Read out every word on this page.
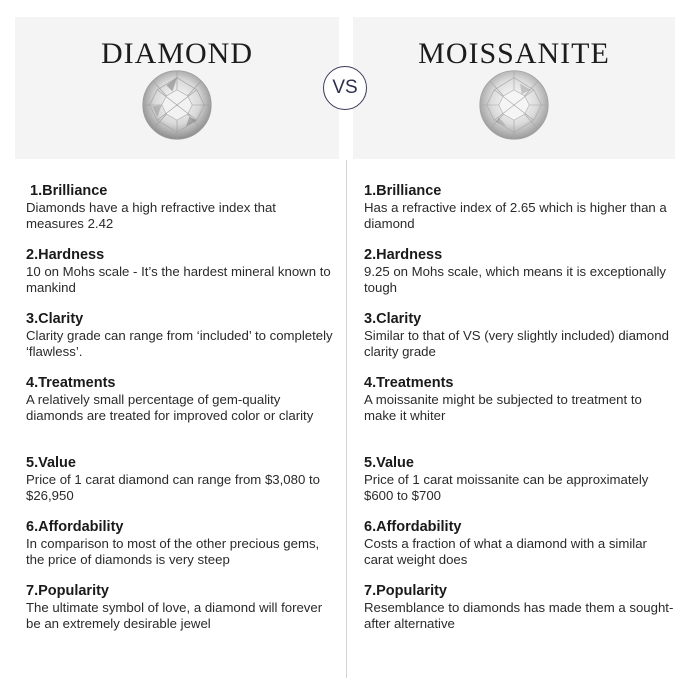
DIAMOND	MOISSANITE
VS
1.Brilliance
Diamonds have a high refractive index that measures 2.42
2.Hardness
10 on Mohs scale - It’s the hardest mineral known to mankind
3.Clarity
Clarity grade can range from ‘included’ to completely ‘flawless’.
4.Treatments
A relatively small percentage of gem-quality diamonds are treated for improved color or clarity
5.Value
Price of 1 carat diamond can range from $3,080 to $26,950
6.Affordability
In comparison to most of the other precious gems, the price of diamonds is very steep
7.Popularity
The ultimate symbol of love, a diamond will forever be an extremely desirable jewel
1.Brilliance
Has a refractive index of 2.65 which is higher than a diamond
2.Hardness
9.25 on Mohs scale, which means it is exceptionally tough
3.Clarity
Similar to that of VS (very slightly included) diamond clarity grade
4.Treatments
A moissanite might be subjected to treatment to make it whiter
5.Value
Price of 1 carat moissanite can be approximately $600 to $700
6.Affordability
Costs a fraction of what a diamond with a similar carat weight does
7.Popularity
Resemblance to diamonds has made them a sought-after alternative
